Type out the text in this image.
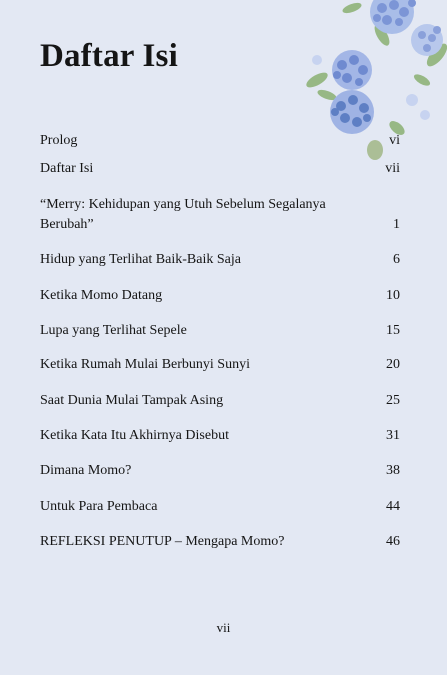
Daftar Isi
Prolog	vi
Daftar Isi	vii
“Merry: Kehidupan yang Utuh Sebelum Segalanya Berubah”	1
Hidup yang Terlihat Baik-Baik Saja	6
Ketika Momo Datang	10
Lupa yang Terlihat Sepele	15
Ketika Rumah Mulai Berbunyi Sunyi	20
Saat Dunia Mulai Tampak Asing	25
Ketika Kata Itu Akhirnya Disebut	31
Dimana Momo?	38
Untuk Para Pembaca	44
REFLEKSI PENUTUP – Mengapa Momo?	46
vii
